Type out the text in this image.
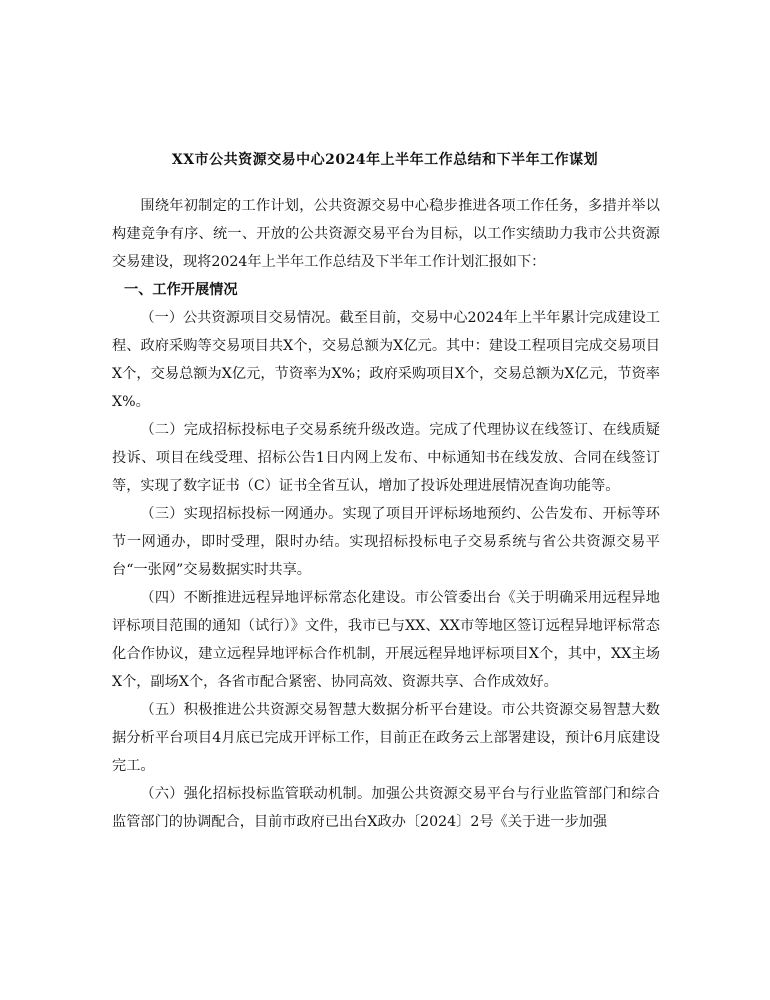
XX市公共资源交易中心2024年上半年工作总结和下半年工作谋划

围绕年初制定的工作计划，公共资源交易中心稳步推进各项工作任务，多措并举以构建竞争有序、统一、开放的公共资源交易平台为目标，以工作实绩助力我市公共资源交易建设，现将2024年上半年工作总结及下半年工作计划汇报如下：

一、工作开展情况

（一）公共资源项目交易情况。截至目前，交易中心2024年上半年累计完成建设工程、政府采购等交易项目共X个，交易总额为X亿元。其中：建设工程项目完成交易项目X个，交易总额为X亿元，节资率为X%；政府采购项目X个，交易总额为X亿元，节资率X%。

（二）完成招标投标电子交易系统升级改造。完成了代理协议在线签订、在线质疑投诉、项目在线受理、招标公告1日内网上发布、中标通知书在线发放、合同在线签订等，实现了数字证书（C）证书全省互认，增加了投诉处理进展情况查询功能等。

（三）实现招标投标一网通办。实现了项目开评标场地预约、公告发布、开标等环节一网通办，即时受理，限时办结。实现招标投标电子交易系统与省公共资源交易平台“一张网”交易数据实时共享。

（四）不断推进远程异地评标常态化建设。市公管委出台《关于明确采用远程异地评标项目范围的通知（试行）》文件，我市已与XX、XX市等地区签订远程异地评标常态化合作协议，建立远程异地评标合作机制，开展远程异地评标项目X个，其中，XX主场X个，副场X个，各省市配合紧密、协同高效、资源共享、合作成效好。

（五）积极推进公共资源交易智慧大数据分析平台建设。市公共资源交易智慧大数据分析平台项目4月底已完成开评标工作，目前正在政务云上部署建设，预计6月底建设完工。

（六）强化招标投标监管联动机制。加强公共资源交易平台与行业监管部门和综合监管部门的协调配合，目前市政府已出台X政办〔2024〕2号《关于进一步加强
